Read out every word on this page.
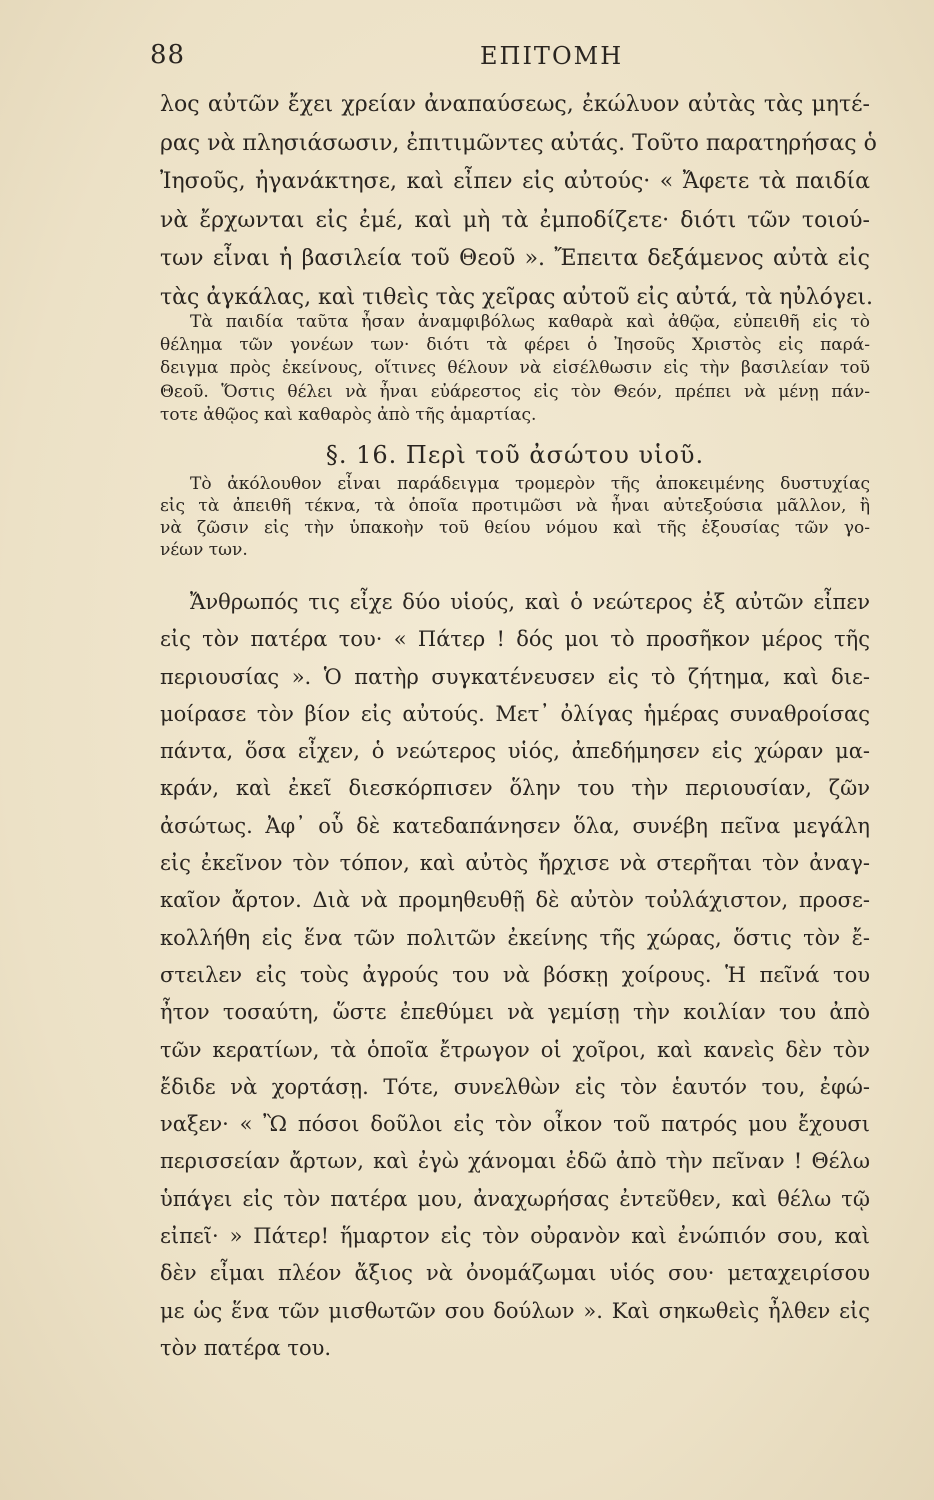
88	ΕΠΙΤΟΜΗ
λος αὐτῶν ἔχει χρείαν ἀναπαύσεως, ἐκώλυον αὐτὰς τὰς μητέ-
ρας νὰ πλησιάσωσιν, ἐπιτιμῶντες αὐτάς. Τοῦτο παρατηρήσας ὁ
Ἰησοῦς, ἠγανάκτησε, καὶ εἶπεν εἰς αὐτούς· « Ἄφετε τὰ παιδία
νὰ ἔρχωνται εἰς ἐμέ, καὶ μὴ τὰ ἐμποδίζετε· διότι τῶν τοιού-
των εἶναι ἡ βασιλεία τοῦ Θεοῦ ». Ἔπειτα δεξάμενος αὐτὰ εἰς
τὰς ἀγκάλας, καὶ τιθεὶς τὰς χεῖρας αὐτοῦ εἰς αὐτά, τὰ ηὐλόγει.
Τὰ παιδία ταῦτα ἦσαν ἀναμφιβόλως καθαρὰ καὶ ἀθῷα, εὐπειθῆ εἰς τὸ
θέλημα τῶν γονέων των· διότι τὰ φέρει ὁ Ἰησοῦς Χριστὸς εἰς παρά-
δειγμα πρὸς ἐκείνους, οἵτινες θέλουν νὰ εἰσέλθωσιν εἰς τὴν βασιλείαν τοῦ
Θεοῦ. Ὅστις θέλει νὰ ἦναι εὐάρεστος εἰς τὸν Θεόν, πρέπει νὰ μένῃ πάν-
τοτε ἀθῷος καὶ καθαρὸς ἀπὸ τῆς ἁμαρτίας.
§. 16. Περὶ τοῦ ἀσώτου υἱοῦ.
Τὸ ἀκόλουθον εἶναι παράδειγμα τρομερὸν τῆς ἀποκειμένης δυστυχίας
εἰς τὰ ἀπειθῆ τέκνα, τὰ ὁποῖα προτιμῶσι νὰ ἦναι αὐτεξούσια μᾶλλον, ἢ
νὰ ζῶσιν εἰς τὴν ὑπακοὴν τοῦ θείου νόμου καὶ τῆς ἐξουσίας τῶν γο-
νέων των.
Ἄνθρωπός τις εἶχε δύο υἱούς, καὶ ὁ νεώτερος ἐξ αὐτῶν εἶπεν
εἰς τὸν πατέρα του· « Πάτερ ! δός μοι τὸ προσῆκον μέρος τῆς
περιουσίας ». Ὁ πατὴρ συγκατένευσεν εἰς τὸ ζήτημα, καὶ διε-
μοίρασε τὸν βίον εἰς αὐτούς. Μετ᾿ ὀλίγας ἡμέρας συναθροίσας
πάντα, ὅσα εἶχεν, ὁ νεώτερος υἱός, ἀπεδήμησεν εἰς χώραν μα-
κράν, καὶ ἐκεῖ διεσκόρπισεν ὅλην του τὴν περιουσίαν, ζῶν
ἀσώτως. Ἀφ᾿ οὗ δὲ κατεδαπάνησεν ὅλα, συνέβη πεῖνα μεγάλη
εἰς ἐκεῖνον τὸν τόπον, καὶ αὐτὸς ἤρχισε νὰ στερῆται τὸν ἀναγ-
καῖον ἄρτον. Διὰ νὰ προμηθευθῇ δὲ αὐτὸν τοὐλάχιστον, προσε-
κολλήθη εἰς ἕνα τῶν πολιτῶν ἐκείνης τῆς χώρας, ὅστις τὸν ἔ-
στειλεν εἰς τοὺς ἀγρούς του νὰ βόσκῃ χοίρους. Ἡ πεῖνά του
ἦτον τοσαύτη, ὥστε ἐπεθύμει νὰ γεμίσῃ τὴν κοιλίαν του ἀπὸ
τῶν κερατίων, τὰ ὁποῖα ἔτρωγον οἱ χοῖροι, καὶ κανεὶς δὲν τὸν
ἔδιδε νὰ χορτάσῃ. Τότε, συνελθὼν εἰς τὸν ἑαυτόν του, ἐφώ-
ναξεν· « Ὢ πόσοι δοῦλοι εἰς τὸν οἶκον τοῦ πατρός μου ἔχουσι
περισσείαν ἄρτων, καὶ ἐγὼ χάνομαι ἐδῶ ἀπὸ τὴν πεῖναν ! Θέλω
ὑπάγει εἰς τὸν πατέρα μου, ἀναχωρήσας ἐντεῦθεν, καὶ θέλω τῷ
εἰπεῖ· » Πάτερ! ἥμαρτον εἰς τὸν οὐρανὸν καὶ ἐνώπιόν σου, καὶ
δὲν εἶμαι πλέον ἄξιος νὰ ὀνομάζωμαι υἱός σου· μεταχειρίσου
με ὡς ἕνα τῶν μισθωτῶν σου δούλων ». Καὶ σηκωθεὶς ἦλθεν εἰς
τὸν πατέρα του.
